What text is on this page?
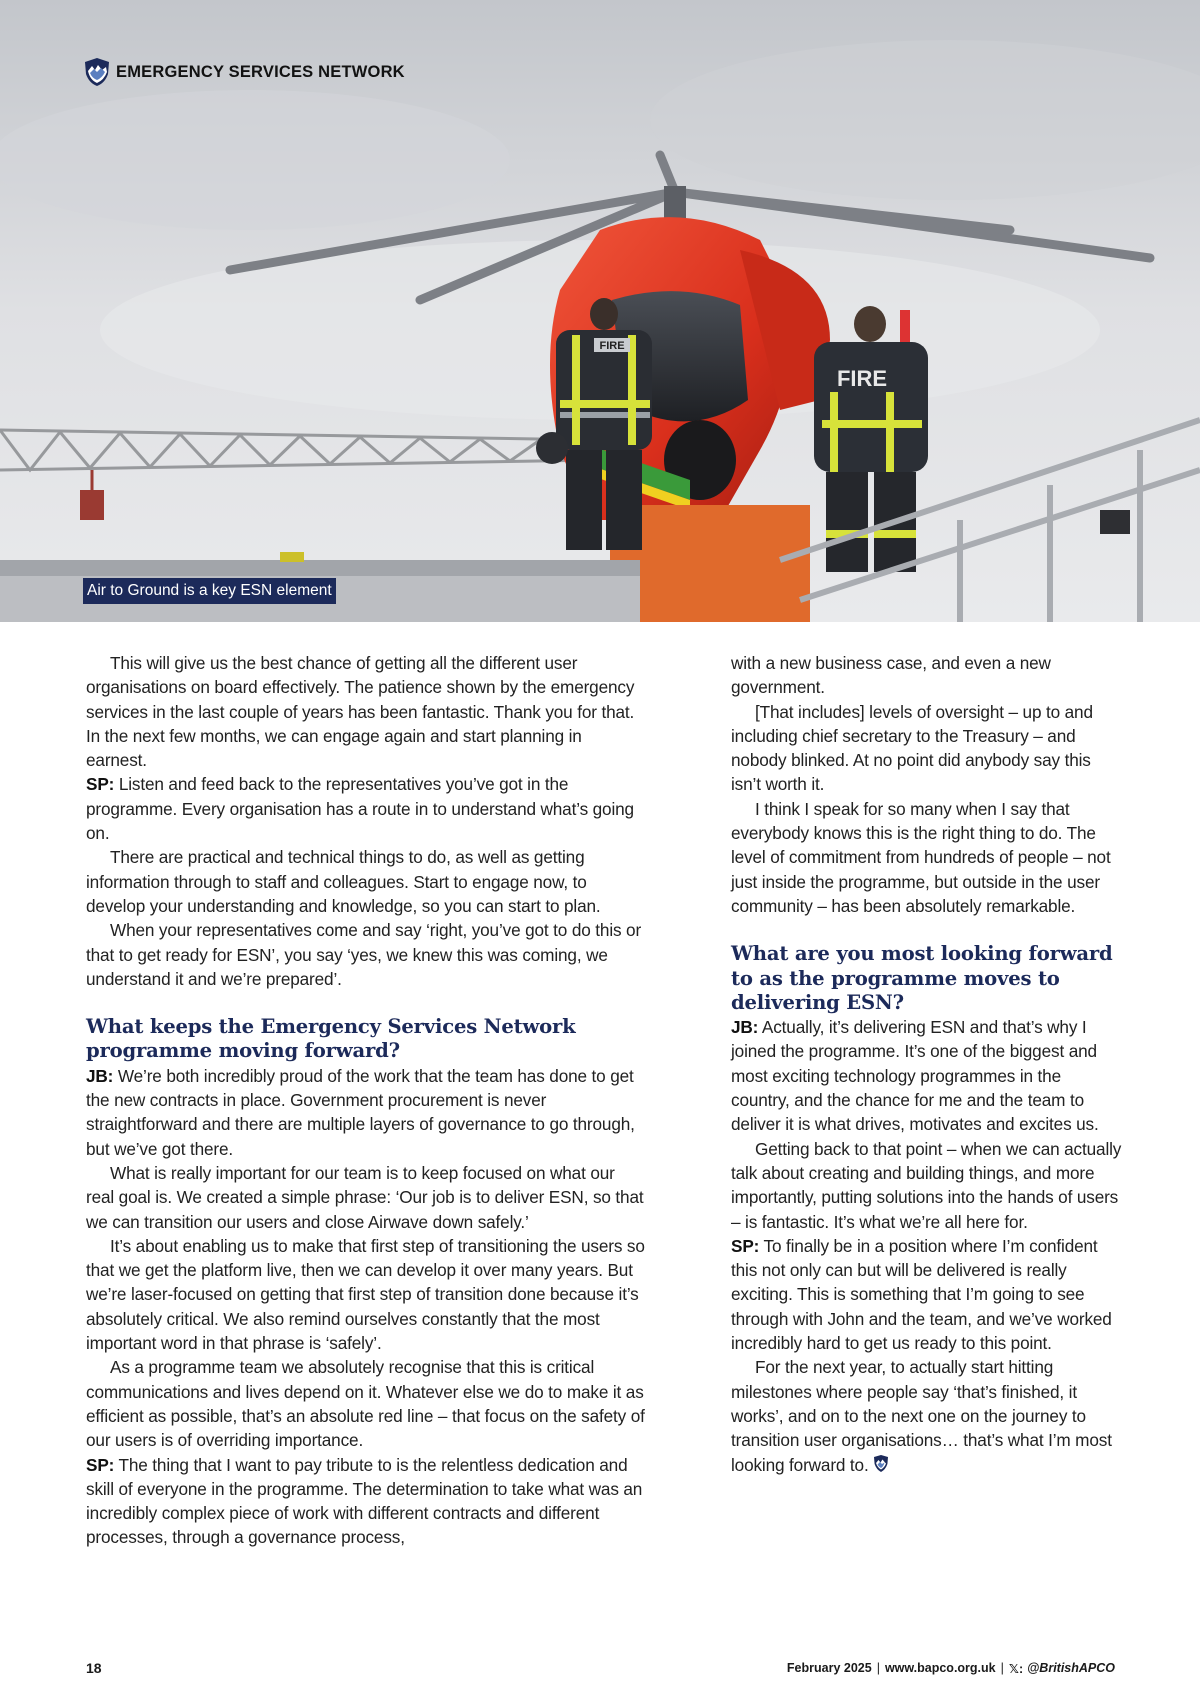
FIRE
FIRE
EMERGENCY SERVICES NETWORK
Air to Ground is a key ESN element

This will give us the best chance of getting all the different user organisations on board effectively. The patience shown by the emergency services in the last couple of years has been fantastic. Thank you for that. In the next few months, we can engage again and start planning in earnest.

SP: Listen and feed back to the representatives you’ve got in the programme. Every organisation has a route in to understand what’s going on.

There are practical and technical things to do, as well as getting information through to staff and colleagues. Start to engage now, to develop your understanding and knowledge, so you can start to plan.

When your representatives come and say ‘right, you’ve got to do this or that to get ready for ESN’, you say ‘yes, we knew this was coming, we understand it and we’re prepared’.

What keeps the Emergency Services Network programme moving forward?

JB: We’re both incredibly proud of the work that the team has done to get the new contracts in place. Government procurement is never straightforward and there are multiple layers of governance to go through, but we’ve got there.

What is really important for our team is to keep focused on what our real goal is. We created a simple phrase: ‘Our job is to deliver ESN, so that we can transition our users and close Airwave down safely.’

It’s about enabling us to make that first step of transitioning the users so that we get the platform live, then we can develop it over many years. But we’re laser-focused on getting that first step of transition done because it’s absolutely critical. We also remind ourselves constantly that the most important word in that phrase is ‘safely’.

As a programme team we absolutely recognise that this is critical communications and lives depend on it. Whatever else we do to make it as efficient as possible, that’s an absolute red line – that focus on the safety of our users is of overriding importance.

SP: The thing that I want to pay tribute to is the relentless dedication and skill of everyone in the programme. The determination to take what was an incredibly complex piece of work with different contracts and different processes, through a governance process,

with a new business case, and even a new government.

[That includes] levels of oversight – up to and including chief secretary to the Treasury – and nobody blinked. At no point did anybody say this isn’t worth it.

I think I speak for so many when I say that everybody knows this is the right thing to do. The level of commitment from hundreds of people – not just inside the programme, but outside in the user community – has been absolutely remarkable.

What are you most looking forward to as the programme moves to delivering ESN?

JB: Actually, it’s delivering ESN and that’s why I joined the programme. It’s one of the biggest and most exciting technology programmes in the country, and the chance for me and the team to deliver it is what drives, motivates and excites us.

Getting back to that point – when we can actually talk about creating and building things, and more importantly, putting solutions into the hands of users – is fantastic. It’s what we’re all here for.

SP: To finally be in a position where I’m confident this not only can but will be delivered is really exciting. This is something that I’m going to see through with John and the team, and we’ve worked incredibly hard to get us ready to this point.

For the next year, to actually start hitting milestones where people say ‘that’s finished, it works’, and on to the next one on the journey to transition user organisations… that’s what I’m most looking forward to.

18	February 2025 | www.bapco.org.uk | 𝕏: @BritishAPCO
